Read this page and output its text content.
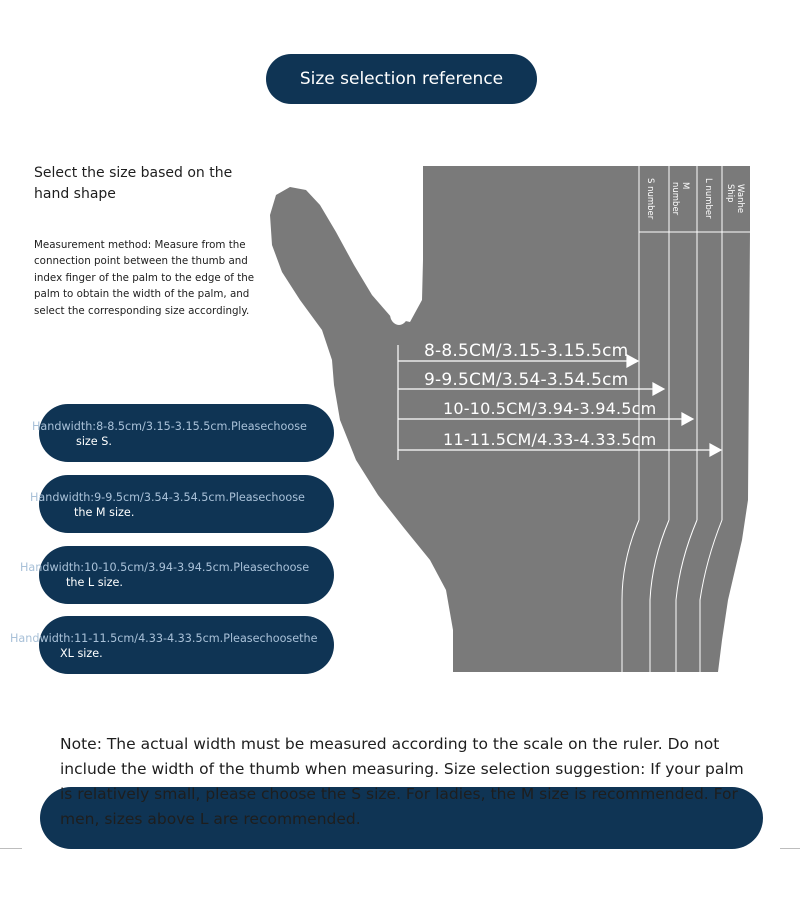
Size selection reference
Select the size based on the hand shape
Measurement method: Measure from the connection point between the thumb and index finger of the palm to the edge of the palm to obtain the width of the palm, and select the corresponding size accordingly.
S number	M
number	L number	Wanhe
Ship
8-8.5CM/3.15-3.15.5cm
9-9.5CM/3.54-3.54.5cm
10-10.5CM/3.94-3.94.5cm
11-11.5CM/4.33-4.33.5cm
Handwidth:8-8.5cm/3.15-3.15.5cm.Pleasechoose
size S.
Handwidth:9-9.5cm/3.54-3.54.5cm.Pleasechoose
the M size.
Handwidth:10-10.5cm/3.94-3.94.5cm.Pleasechoose
the L size.
Handwidth:11-11.5cm/4.33-4.33.5cm.Pleasechoosethe
XL size.
Note: The actual width must be measured according to the scale on the ruler. Do not include the width of the thumb when measuring. Size selection suggestion: If your palm is relatively small, please choose the S size. For ladies, the M size is recommended. For men, sizes above L are recommended.
